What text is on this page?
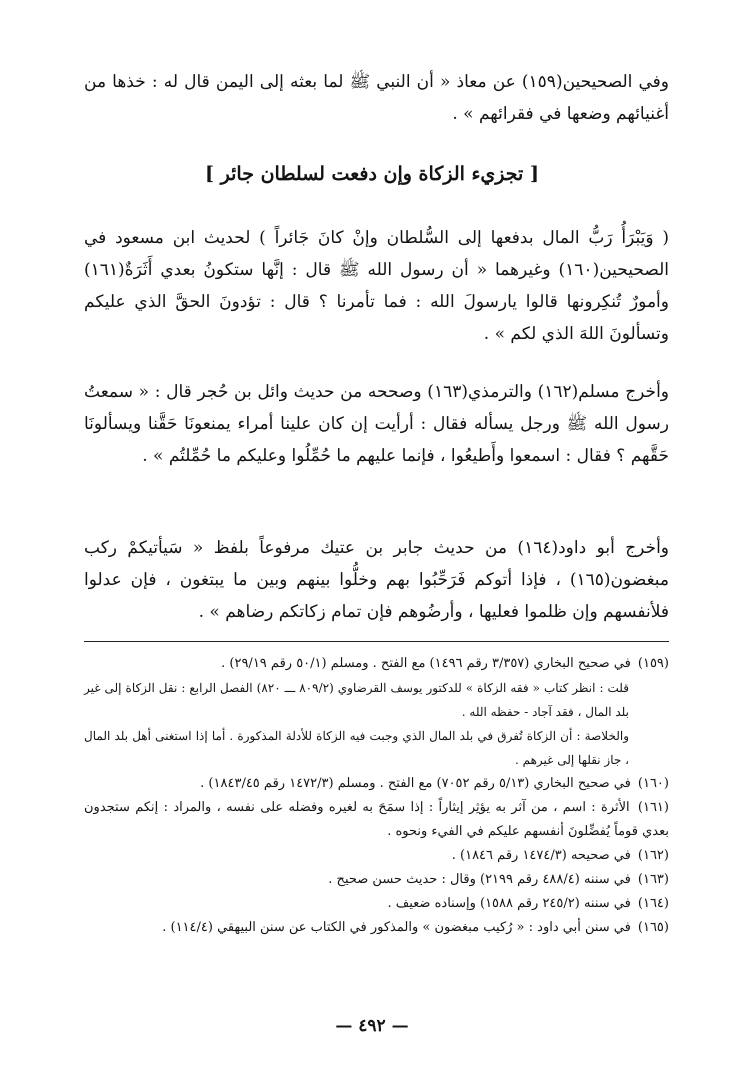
وفي الصحيحين(١٥٩) عن معاذ « أن النبي ﷺ لما بعثه إلى اليمن قال له : خذها من أغنيائهم وضعها في فقرائهم » .

[ تجزيء الزكاة وإن دفعت لسلطان جائر ]

( وَيَبْرَأُ رَبُّ المال بدفعها إلى السُّلطان وإنْ كانَ جَائراً ) لحديث ابن مسعود في الصحيحين(١٦٠) وغيرهما « أن رسول الله ﷺ قال : إنَّها ستكونُ بعدي أَثَرَةٌ(١٦١) وأمورٌ تُنكِرونها قالوا يارسولَ الله : فما تأمرنا ؟ قال : تؤدونَ الحقَّ الذي عليكم وتسألونَ اللهَ الذي لكم » .

وأخرج مسلم(١٦٢) والترمذي(١٦٣) وصححه من حديث وائل بن حُجر قال : « سمعتُ رسول الله ﷺ ورجل يسأله فقال : أرأيت إن كان علينا أمراء يمنعونَا حَقَّنا ويسألونَا حَقَّهم ؟ فقال : اسمعوا وأَطيعُوا ، فإنما عليهم ما حُمِّلُوا وعليكم ما حُمِّلتُم » .

وأخرج أبو داود(١٦٤) من حديث جابر بن عتيك مرفوعاً بلفظ « سَيأتيكمْ ركب مبغضون(١٦٥) ، فإذا أتوكم فَرَحِّبُوا بهم وخلُّوا بينهم وبين ما يبتغون ، فإن عدلوا فلأنفسهم وإن ظلموا فعليها ، وأرضُوهم فإن تمام زكاتكم رضاهم » .

(١٥٩) في صحيح البخاري (٣/٣٥٧ رقم ١٤٩٦) مع الفتح . ومسلم (٥٠/١ رقم ٢٩/١٩) .

قلت : انظر كتاب « فقه الزكاة » للدكتور يوسف القرضاوي (٨٠٩/٢ ـــ ٨٢٠) الفصل الرابع : نقل الزكاة إلى غير بلد المال ، فقد آجاد - حفظه الله .

والخلاصة : أن الزكاة تُفرق في بلد المال الذي وجبت فيه الزكاة للأدلة المذكورة . أما إذا استغنى أهل بلد المال ، جاز نقلها إلى غيرهم .

(١٦٠) في صحيح البخاري (٥/١٣ رقم ٧٠٥٢) مع الفتح . ومسلم (١٤٧٢/٣ رقم ١٨٤٣/٤٥) .

(١٦١) الأثرة : اسم ، من آثر به يؤثِر إيثاراً : إذا سمَحَ به لغيره وفضله على نفسه ، والمراد : إنكم ستجدون بعدي قوماً يُفضِّلونَ أنفسهم عليكم في الفيء ونحوه .

(١٦٢) في صحيحه (١٤٧٤/٣ رقم ١٨٤٦) .

(١٦٣) في سننه (٤٨٨/٤ رقم ٢١٩٩) وقال : حديث حسن صحيح .

(١٦٤) في سننه (٢٤٥/٢ رقم ١٥٨٨) وإسناده ضعيف .

(١٦٥) في سنن أبي داود : « رُكيب مبغضون » والمذكور في الكتاب عن سنن البيهقي (١١٤/٤) .

— ٤٩٢ —
